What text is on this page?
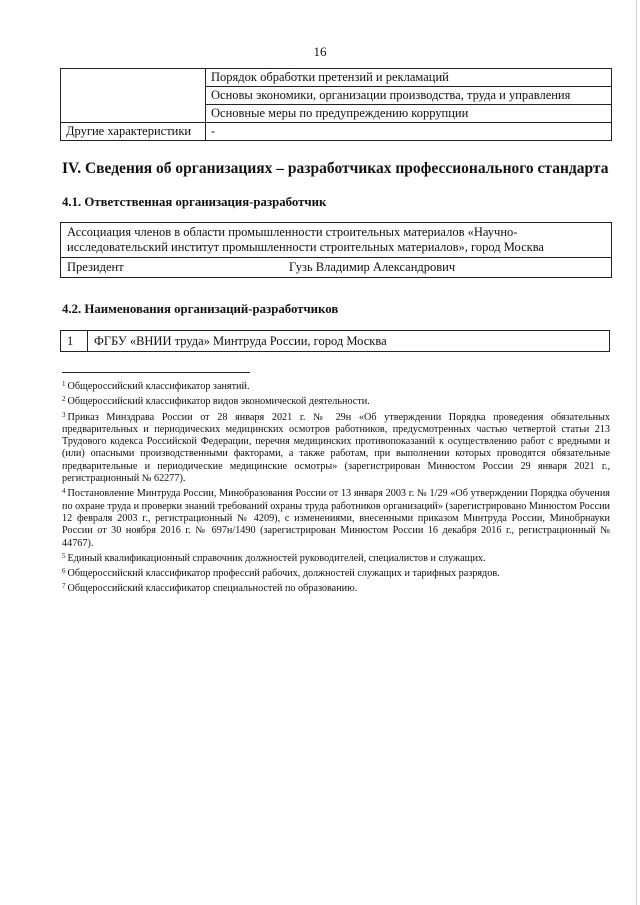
16
	Порядок обработки претензий и рекламаций
	Основы экономики, организации производства, труда и управления
	Основные меры по предупреждению коррупции
Другие характеристики	-
IV. Сведения об организациях – разработчиках профессионального стандарта
4.1. Ответственная организация-разработчик
Ассоциация членов в области промышленности строительных материалов «Научно-исследовательский институт промышленности строительных материалов», город Москва
Президент	Гузь Владимир Александрович
4.2. Наименования организаций-разработчиков
1	ФГБУ «ВНИИ труда» Минтруда России, город Москва

$^1$ Общероссийский классификатор занятий.

$^2$ Общероссийский классификатор видов экономической деятельности.

$^3$ Приказ Минздрава России от 28 января 2021 г. № 29н «Об утверждении Порядка проведения обязательных предварительных и периодических медицинских осмотров работников, предусмотренных частью четвертой статьи 213 Трудового кодекса Российской Федерации, перечня медицинских противопоказаний к осуществлению работ с вредными и (или) опасными производственными факторами, а также работам, при выполнении которых проводятся обязательные предварительные и периодические медицинские осмотры» (зарегистрирован Минюстом России 29 января 2021 г., регистрационный № 62277).

$^4$ Постановление Минтруда России, Минобразования России от 13 января 2003 г. № 1/29 «Об утверждении Порядка обучения по охране труда и проверки знаний требований охраны труда работников организаций» (зарегистрировано Минюстом России 12 февраля 2003 г., регистрационный № 4209), с изменениями, внесенными приказом Минтруда России, Минобрнауки России от 30 ноября 2016 г. № 697н/1490 (зарегистрирован Минюстом России 16 декабря 2016 г., регистрационный № 44767).

$^5$ Единый квалификационный справочник должностей руководителей, специалистов и служащих.

$^6$ Общероссийский классификатор профессий рабочих, должностей служащих и тарифных разрядов.

$^7$ Общероссийский классификатор специальностей по образованию.
